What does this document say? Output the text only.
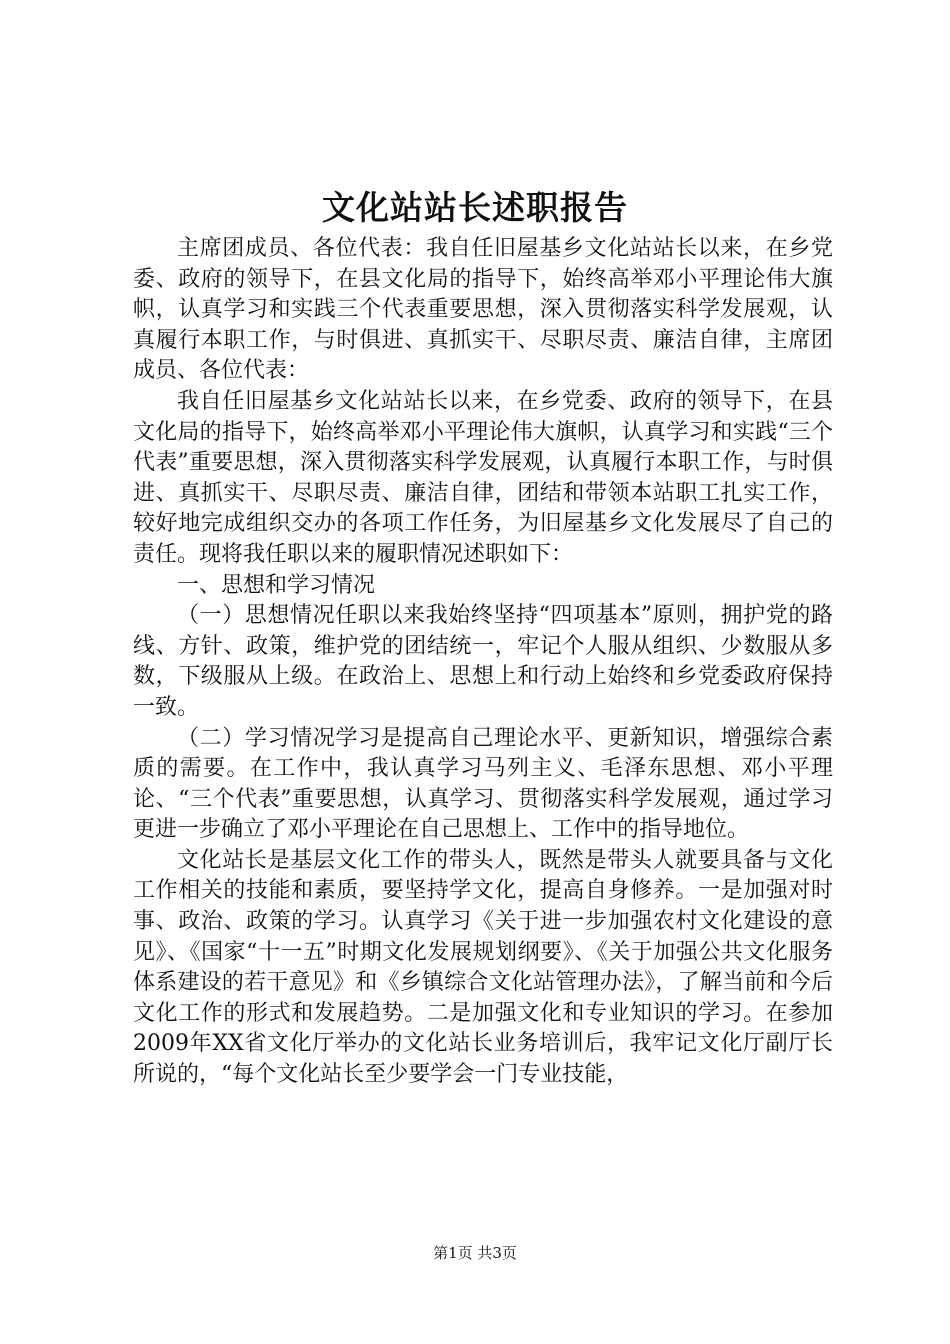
文化站站长述职报告

主席团成员、各位代表：我自任旧屋基乡文化站站长以来，在乡党委、政府的领导下，在县文化局的指导下，始终高举邓小平理论伟大旗帜，认真学习和实践三个代表重要思想，深入贯彻落实科学发展观，认真履行本职工作，与时俱进、真抓实干、尽职尽责、廉洁自律，主席团成员、各位代表：

我自任旧屋基乡文化站站长以来，在乡党委、政府的领导下，在县文化局的指导下，始终高举邓小平理论伟大旗帜，认真学习和实践“三个代表”重要思想，深入贯彻落实科学发展观，认真履行本职工作，与时俱进、真抓实干、尽职尽责、廉洁自律，团结和带领本站职工扎实工作，较好地完成组织交办的各项工作任务，为旧屋基乡文化发展尽了自己的责任。现将我任职以来的履职情况述职如下：

一、思想和学习情况

（一）思想情况任职以来我始终坚持“四项基本”原则，拥护党的路线、方针、政策，维护党的团结统一，牢记个人服从组织、少数服从多数，下级服从上级。在政治上、思想上和行动上始终和乡党委政府保持一致。

（二）学习情况学习是提高自己理论水平、更新知识，增强综合素质的需要。在工作中，我认真学习马列主义、毛泽东思想、邓小平理论、“三个代表”重要思想，认真学习、贯彻落实科学发展观，通过学习更进一步确立了邓小平理论在自己思想上、工作中的指导地位。

文化站长是基层文化工作的带头人，既然是带头人就要具备与文化工作相关的技能和素质，要坚持学文化，提高自身修养。一是加强对时事、政治、政策的学习。认真学习《关于进一步加强农村文化建设的意见》、《国家“十一五”时期文化发展规划纲要》、《关于加强公共文化服务体系建设的若干意见》和《乡镇综合文化站管理办法》，了解当前和今后文化工作的形式和发展趋势。二是加强文化和专业知识的学习。在参加2009年XX省文化厅举办的文化站长业务培训后，我牢记文化厅副厅长所说的，“每个文化站长至少要学会一门专业技能，

第1页 共3页
